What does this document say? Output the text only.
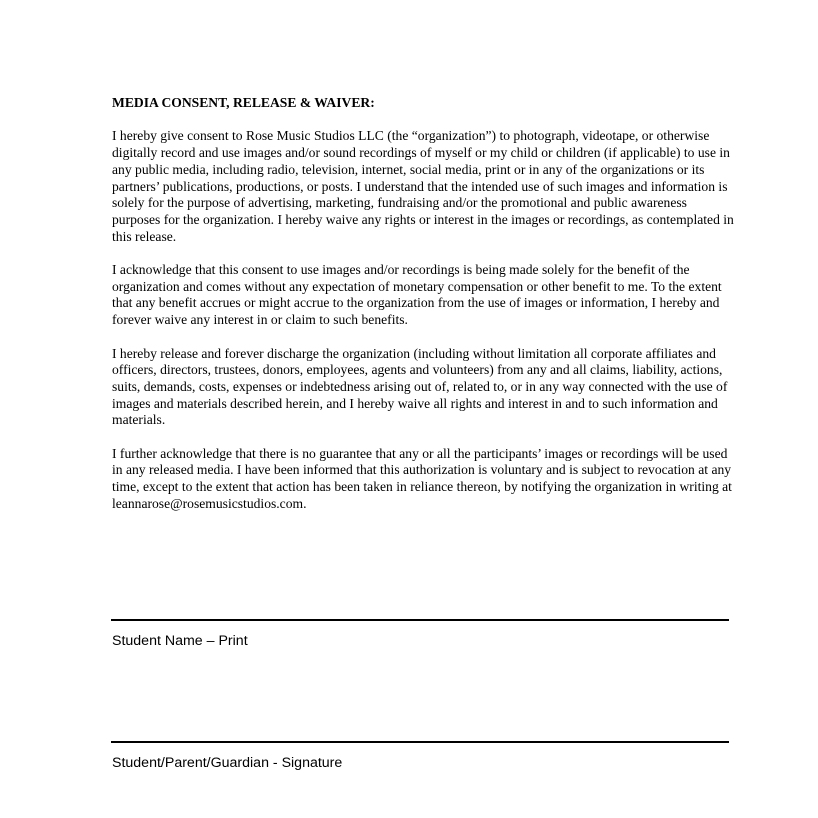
MEDIA CONSENT, RELEASE & WAIVER:

I hereby give consent to Rose Music Studios LLC (the “organization”) to photograph, videotape, or otherwise digitally record and use images and/or sound recordings of myself or my child or children (if applicable) to use in any public media, including radio, television, internet, social media, print or in any of the organizations or its partners’ publications, productions, or posts. I understand that the intended use of such images and information is solely for the purpose of advertising, marketing, fundraising and/or the promotional and public awareness purposes for the organization. I hereby waive any rights or interest in the images or recordings, as contemplated in this release.

I acknowledge that this consent to use images and/or recordings is being made solely for the benefit of the organization and comes without any expectation of monetary compensation or other benefit to me. To the extent that any benefit accrues or might accrue to the organization from the use of images or information, I hereby and forever waive any interest in or claim to such benefits.

I hereby release and forever discharge the organization (including without limitation all corporate affiliates and officers, directors, trustees, donors, employees, agents and volunteers) from any and all claims, liability, actions, suits, demands, costs, expenses or indebtedness arising out of, related to, or in any way connected with the use of images and materials described herein, and I hereby waive all rights and interest in and to such information and materials.

I further acknowledge that there is no guarantee that any or all the participants’ images or recordings will be used in any released media. I have been informed that this authorization is voluntary and is subject to revocation at any time, except to the extent that action has been taken in reliance thereon, by notifying the organization in writing at leannarose@rosemusicstudios.com.

Student Name – Print
Student/Parent/Guardian - Signature
